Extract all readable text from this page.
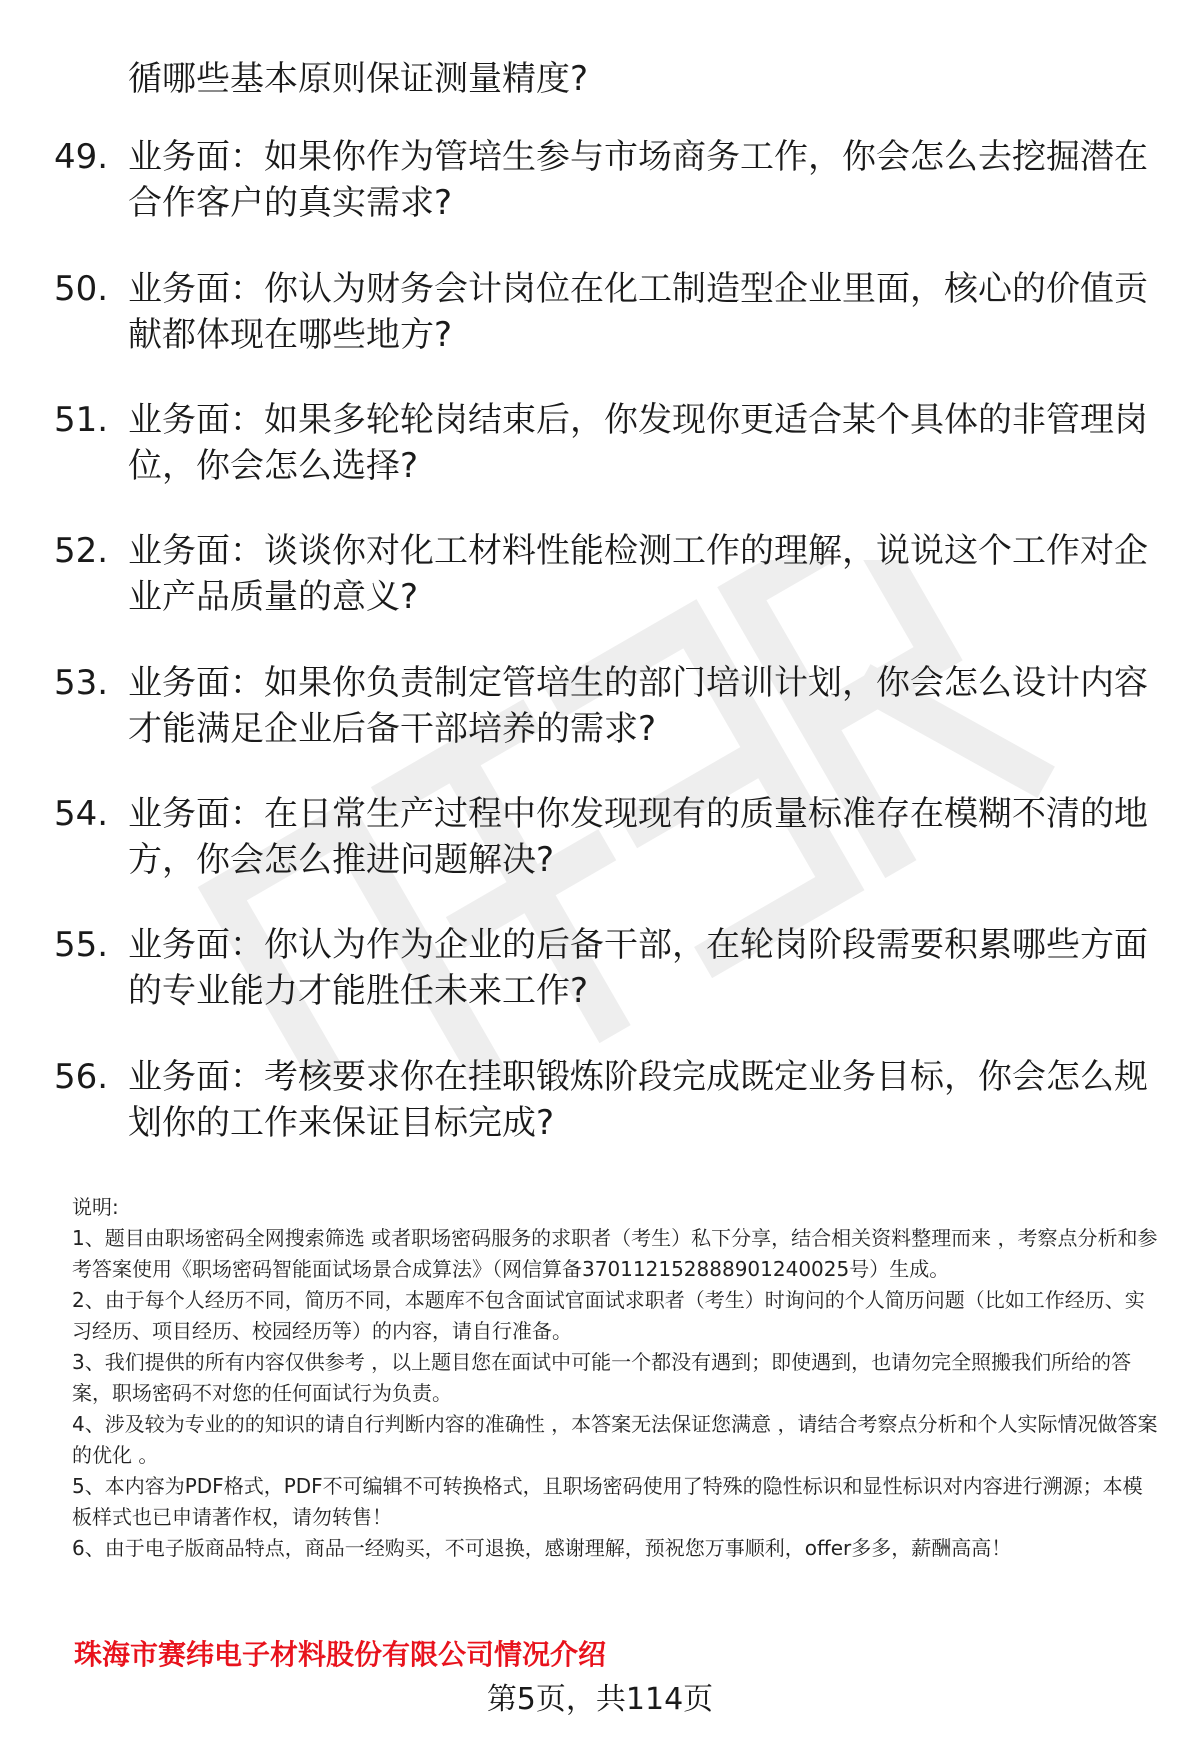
循哪些基本原则保证测量精度?

49. 业务面：如果你作为管培生参与市场商务工作，你会怎么去挖掘潜在合作客户的真实需求?

50. 业务面：你认为财务会计岗位在化工制造型企业里面，核心的价值贡献都体现在哪些地方?

51. 业务面：如果多轮轮岗结束后，你发现你更适合某个具体的非管理岗位，你会怎么选择?

52. 业务面：谈谈你对化工材料性能检测工作的理解，说说这个工作对企业产品质量的意义?

53. 业务面：如果你负责制定管培生的部门培训计划，你会怎么设计内容才能满足企业后备干部培养的需求?

54. 业务面：在日常生产过程中你发现现有的质量标准存在模糊不清的地方，你会怎么推进问题解决?

55. 业务面：你认为作为企业的后备干部，在轮岗阶段需要积累哪些方面的专业能力才能胜任未来工作?

56. 业务面：考核要求你在挂职锻炼阶段完成既定业务目标，你会怎么规划你的工作来保证目标完成?

说明:

1、题目由职场密码全网搜索筛选 或者职场密码服务的求职者（考生）私下分享，结合相关资料整理而来 ，考察点分析和参考答案使用《职场密码智能面试场景合成算法》（网信算备370112152888901240025号）生成。

2、由于每个人经历不同，简历不同，本题库不包含面试官面试求职者（考生）时询问的个人简历问题（比如工作经历、实习经历、项目经历、校园经历等）的内容，请自行准备。

3、我们提供的所有内容仅供参考 ，以上题目您在面试中可能一个都没有遇到；即使遇到，也请勿完全照搬我们所给的答案，职场密码不对您的任何面试行为负责。

4、涉及较为专业的的知识的请自行判断内容的准确性 ，本答案无法保证您满意 ，请结合考察点分析和个人实际情况做答案的优化 。

5、本内容为PDF格式，PDF不可编辑不可转换格式，且职场密码使用了特殊的隐性标识和显性标识对内容进行溯源；本模板样式也已申请著作权，请勿转售！

6、由于电子版商品特点，商品一经购买，不可退换，感谢理解，预祝您万事顺利，offer多多，薪酬高高！

珠海市赛纬电子材料股份有限公司情况介绍

第5页，共114页
